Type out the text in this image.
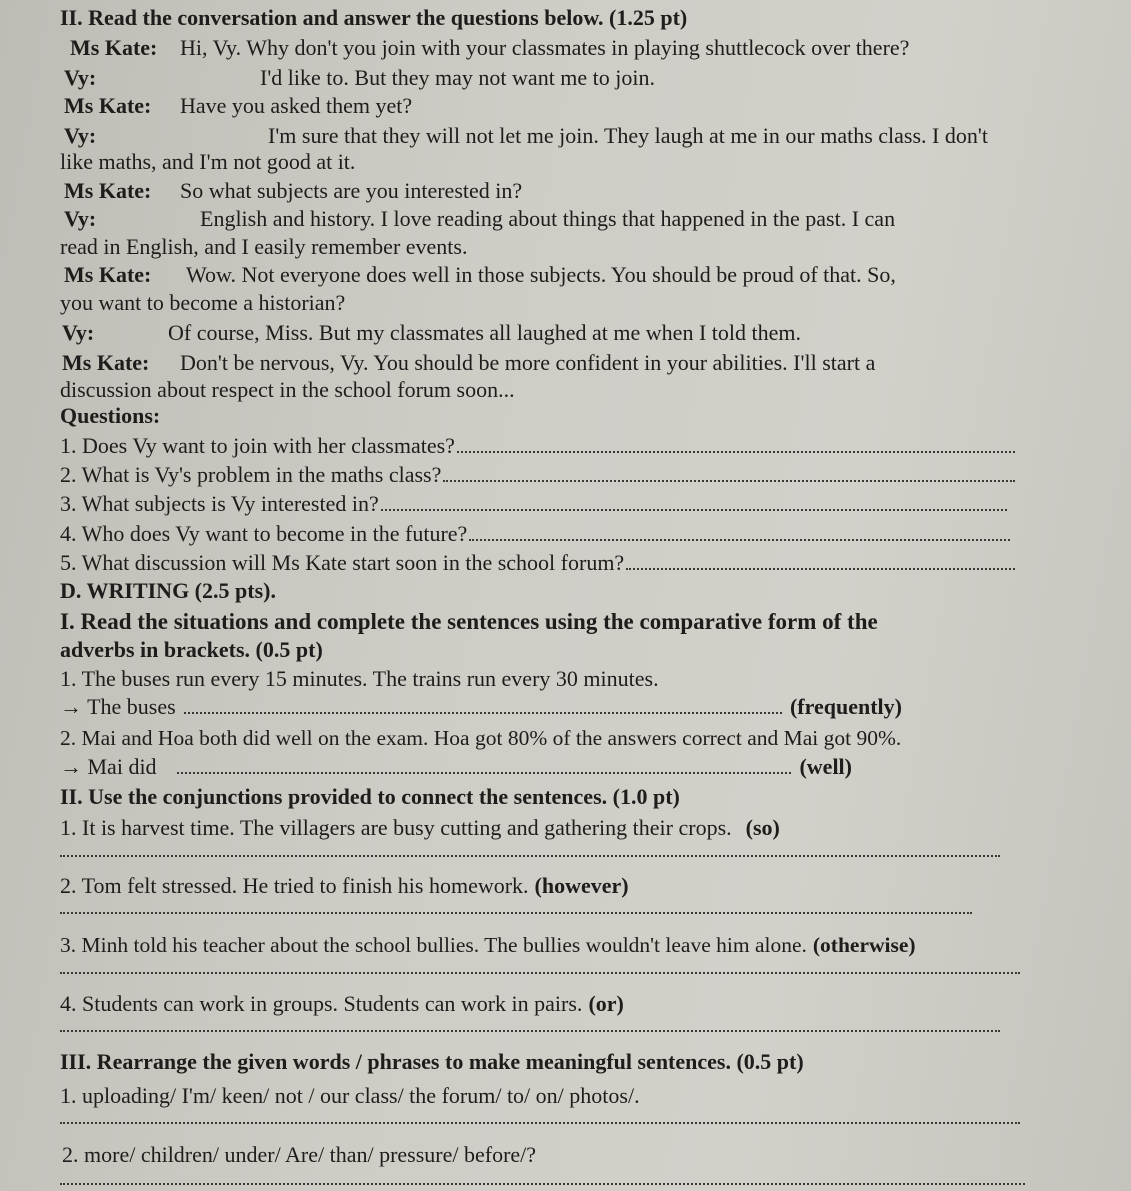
II. Read the conversation and answer the questions below. (1.25 pt)
Ms Kate:	Hi, Vy. Why don't you join with your classmates in playing shuttlecock over there?
Vy:	I'd like to. But they may not want me to join.
Ms Kate:	Have you asked them yet?
Vy:	I'm sure that they will not let me join. They laugh at me in our maths class. I don't
like maths, and I'm not good at it.
Ms Kate:	So what subjects are you interested in?
Vy:	English and history. I love reading about things that happened in the past. I can
read in English, and I easily remember events.
Ms Kate:	Wow. Not everyone does well in those subjects. You should be proud of that. So,
you want to become a historian?
Vy:	Of course, Miss. But my classmates all laughed at me when I told them.
Ms Kate:	Don't be nervous, Vy. You should be more confident in your abilities. I'll start a
discussion about respect in the school forum soon...
Questions:
1. Does Vy want to join with her classmates?
2. What is Vy's problem in the maths class?
3. What subjects is Vy interested in?
4. Who does Vy want to become in the future?
5. What discussion will Ms Kate start soon in the school forum?
D. WRITING (2.5 pts).
I. Read the situations and complete the sentences using the comparative form of the
adverbs in brackets. (0.5 pt)
1. The buses run every 15 minutes. The trains run every 30 minutes.
→ The buses	(frequently)
2. Mai and Hoa both did well on the exam. Hoa got 80% of the answers correct and Mai got 90%.
→ Mai did	(well)
II. Use the conjunctions provided to connect the sentences. (1.0 pt)
1. It is harvest time. The villagers are busy cutting and gathering their crops. (so)
2. Tom felt stressed. He tried to finish his homework. (however)
3. Minh told his teacher about the school bullies. The bullies wouldn't leave him alone. (otherwise)
4. Students can work in groups. Students can work in pairs. (or)
III. Rearrange the given words / phrases to make meaningful sentences. (0.5 pt)
1. uploading/ I'm/ keen/ not / our class/ the forum/ to/ on/ photos/.
2. more/ children/ under/ Are/ than/ pressure/ before/?
